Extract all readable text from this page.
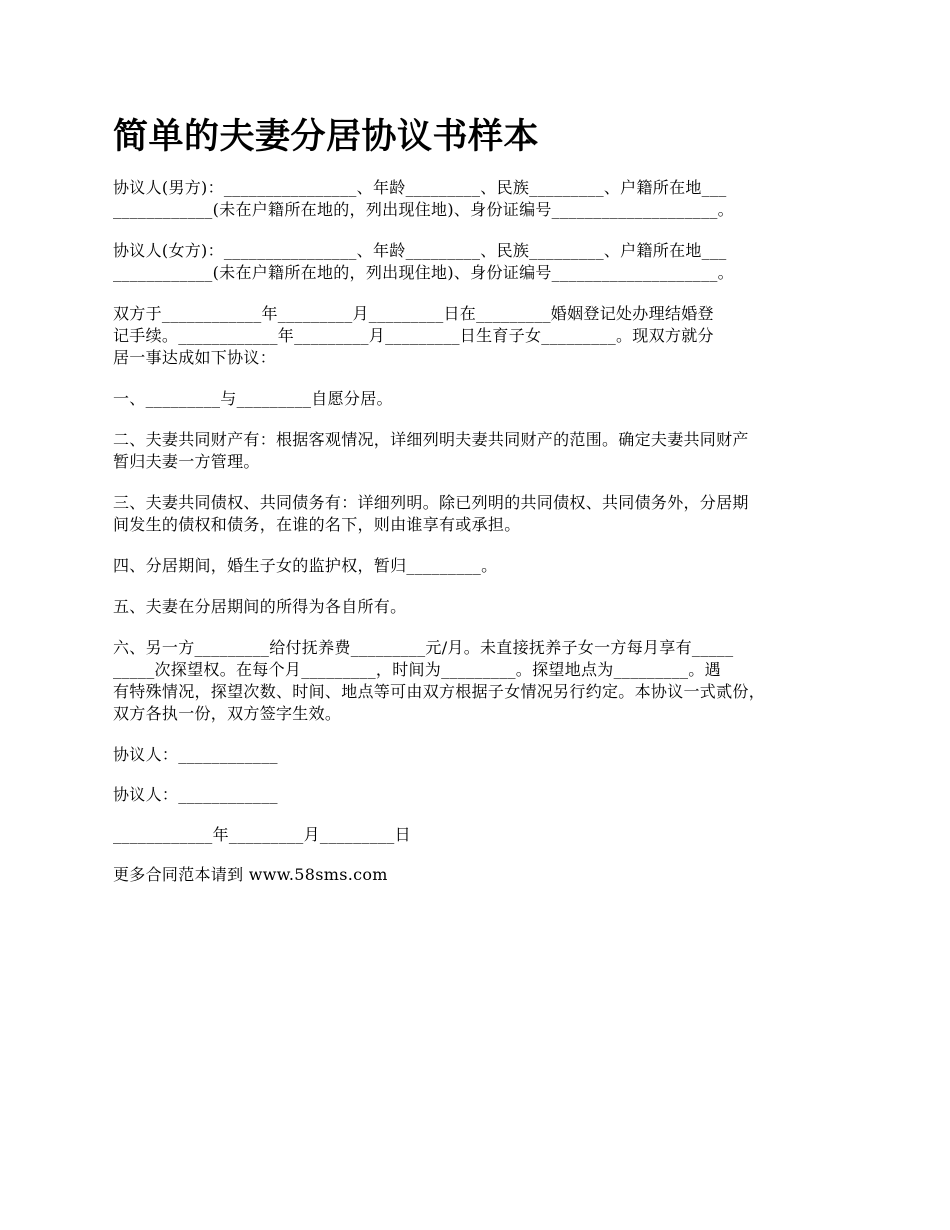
简单的夫妻分居协议书样本

协议人(男方)：________________、年龄_________、民族_________、户籍所在地___
____________(未在户籍所在地的，列出现住地)、身份证编号____________________。

协议人(女方)：________________、年龄_________、民族_________、户籍所在地___
____________(未在户籍所在地的，列出现住地)、身份证编号____________________。

双方于____________年_________月_________日在_________婚姻登记处办理结婚登
记手续。____________年_________月_________日生育子女_________。现双方就分
居一事达成如下协议：

一、_________与_________自愿分居。

二、夫妻共同财产有：根据客观情况，详细列明夫妻共同财产的范围。确定夫妻共同财产
暂归夫妻一方管理。

三、夫妻共同债权、共同债务有：详细列明。除已列明的共同债权、共同债务外，分居期
间发生的债权和债务，在谁的名下，则由谁享有或承担。

四、分居期间，婚生子女的监护权，暂归_________。

五、夫妻在分居期间的所得为各自所有。

六、另一方_________给付抚养费_________元/月。未直接抚养子女一方每月享有_____
_____次探望权。在每个月_________，时间为_________。探望地点为_________。遇
有特殊情况，探望次数、时间、地点等可由双方根据子女情况另行约定。本协议一式贰份，
双方各执一份，双方签字生效。

协议人：____________

协议人：____________

____________年_________月_________日

更多合同范本请到 www.58sms.com
